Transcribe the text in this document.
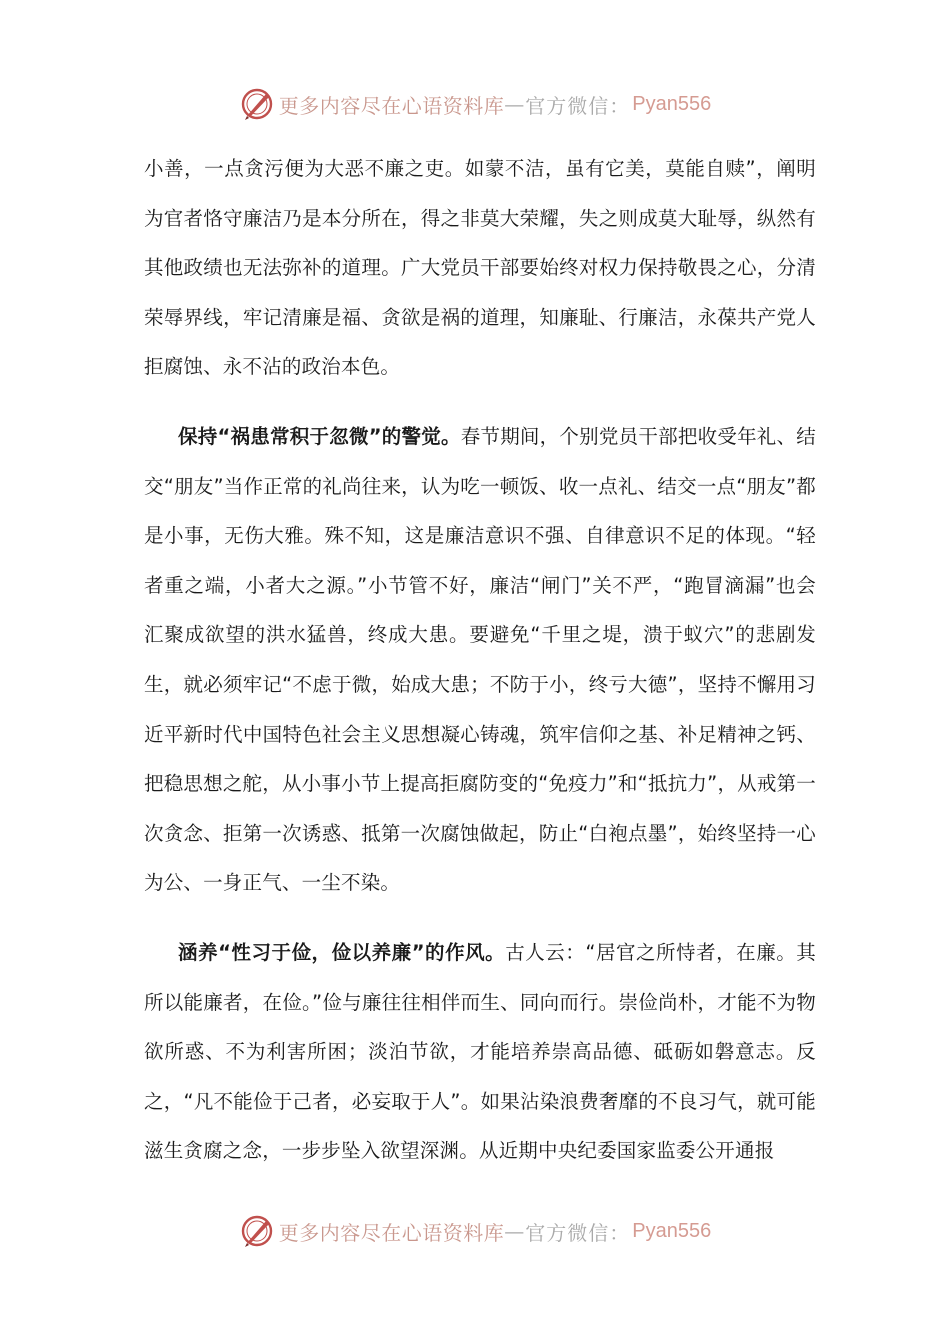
更多内容尽在心语资料库 — 官方微信： Pyan556

小善，一点贪污便为大恶不廉之吏。如蒙不洁，虽有它美，莫能自赎”，阐明为官者恪守廉洁乃是本分所在，得之非莫大荣耀，失之则成莫大耻辱，纵然有其他政绩也无法弥补的道理。广大党员干部要始终对权力保持敬畏之心，分清荣辱界线，牢记清廉是福、贪欲是祸的道理，知廉耻、行廉洁，永葆共产党人拒腐蚀、永不沾的政治本色。

保持“祸患常积于忽微”的警觉。春节期间，个别党员干部把收受年礼、结交“朋友”当作正常的礼尚往来，认为吃一顿饭、收一点礼、结交一点“朋友”都是小事，无伤大雅。殊不知，这是廉洁意识不强、自律意识不足的体现。“轻者重之端，小者大之源。”小节管不好，廉洁“闸门”关不严，“跑冒滴漏”也会汇聚成欲望的洪水猛兽，终成大患。要避免“千里之堤，溃于蚁穴”的悲剧发生，就必须牢记“不虑于微，始成大患；不防于小，终亏大德”，坚持不懈用习近平新时代中国特色社会主义思想凝心铸魂，筑牢信仰之基、补足精神之钙、把稳思想之舵，从小事小节上提高拒腐防变的“免疫力”和“抵抗力”，从戒第一次贪念、拒第一次诱惑、抵第一次腐蚀做起，防止“白袍点墨”，始终坚持一心为公、一身正气、一尘不染。

涵养“性习于俭，俭以养廉”的作风。古人云：“居官之所恃者，在廉。其所以能廉者，在俭。”俭与廉往往相伴而生、同向而行。崇俭尚朴，才能不为物欲所惑、不为利害所困；淡泊节欲，才能培养崇高品德、砥砺如磐意志。反之，“凡不能俭于己者，必妄取于人”。如果沾染浪费奢靡的不良习气，就可能滋生贪腐之念，一步步坠入欲望深渊。从近期中央纪委国家监委公开通报

更多内容尽在心语资料库 — 官方微信： Pyan556
